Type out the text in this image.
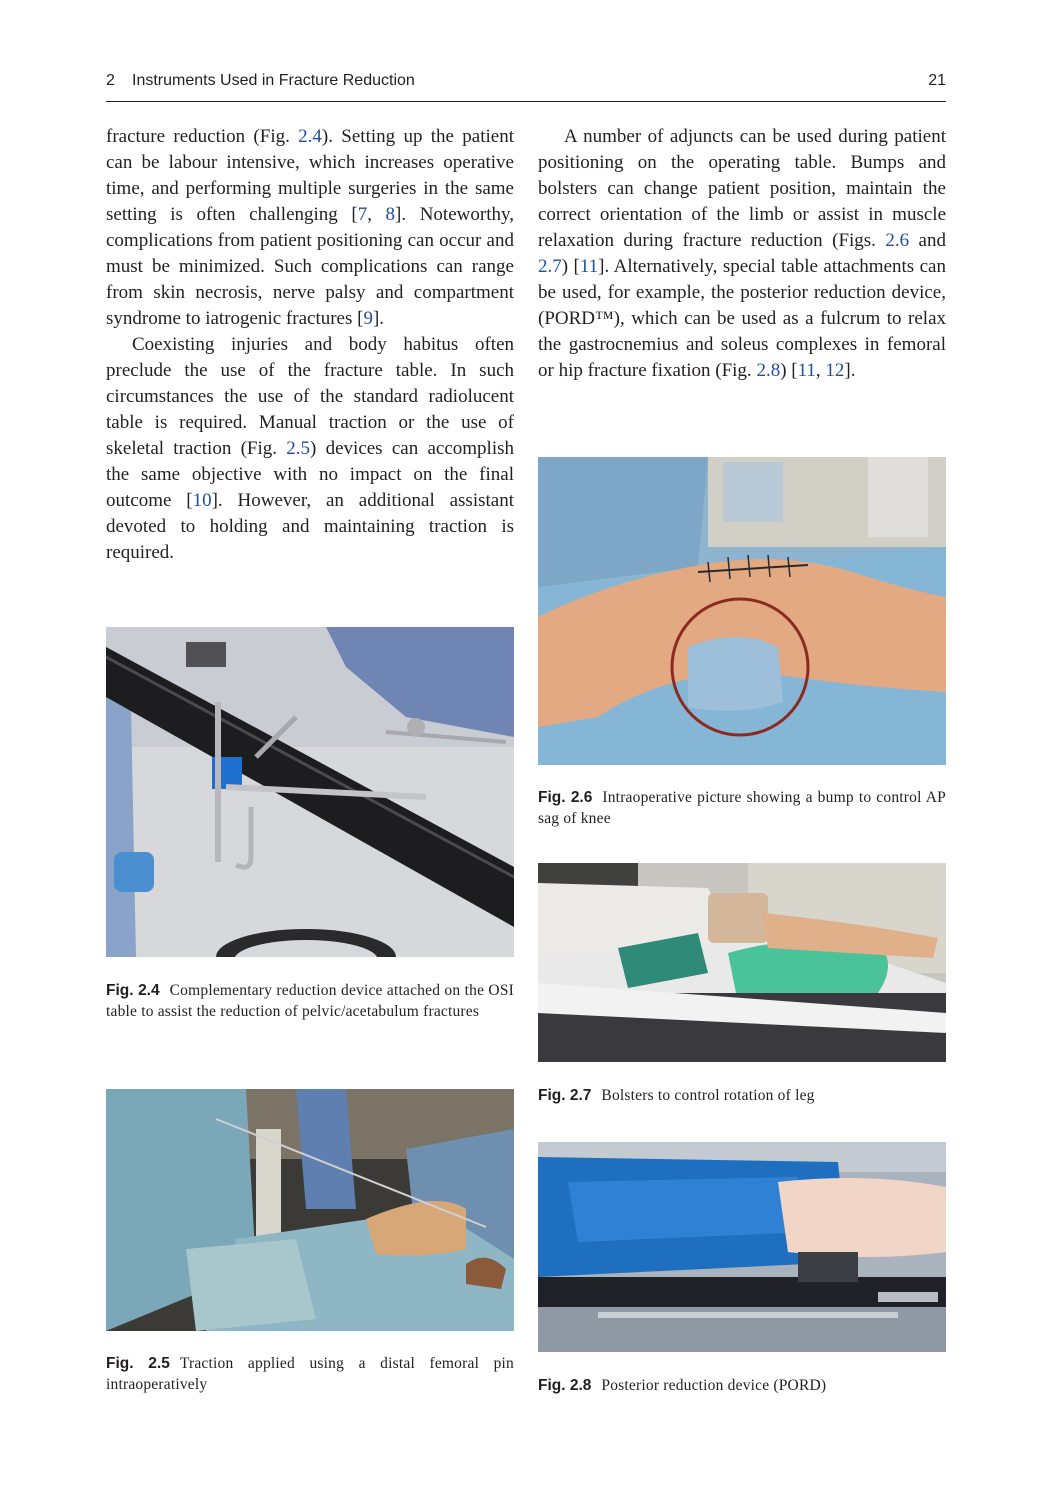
2 Instruments Used in Fracture Reduction	21

fracture reduction (Fig. 2.4). Setting up the patient can be labour intensive, which increases operative time, and performing multiple surgeries in the same setting is often challenging [7, 8]. Noteworthy, complications from patient positioning can occur and must be minimized. Such complications can range from skin necrosis, nerve palsy and compartment syndrome to iatrogenic fractures [9].

Coexisting injuries and body habitus often preclude the use of the fracture table. In such circumstances the use of the standard radiolucent table is required. Manual traction or the use of skeletal traction (Fig. 2.5) devices can accomplish the same objective with no impact on the final outcome [10]. However, an additional assistant devoted to holding and maintaining traction is required.

A number of adjuncts can be used during patient positioning on the operating table. Bumps and bolsters can change patient position, maintain the correct orientation of the limb or assist in muscle relaxation during fracture reduction (Figs. 2.6 and 2.7) [11]. Alternatively, special table attachments can be used, for example, the posterior reduction device, (PORD™), which can be used as a fulcrum to relax the gastrocnemius and soleus complexes in femoral or hip fracture fixation (Fig. 2.8) [11, 12].

Fig. 2.4 Complementary reduction device attached on the OSI table to assist the reduction of pelvic/acetabulum fractures
Fig. 2.5 Traction applied using a distal femoral pin intraoperatively
Fig. 2.6 Intraoperative picture showing a bump to control AP sag of knee
Fig. 2.7 Bolsters to control rotation of leg
Fig. 2.8 Posterior reduction device (PORD)
